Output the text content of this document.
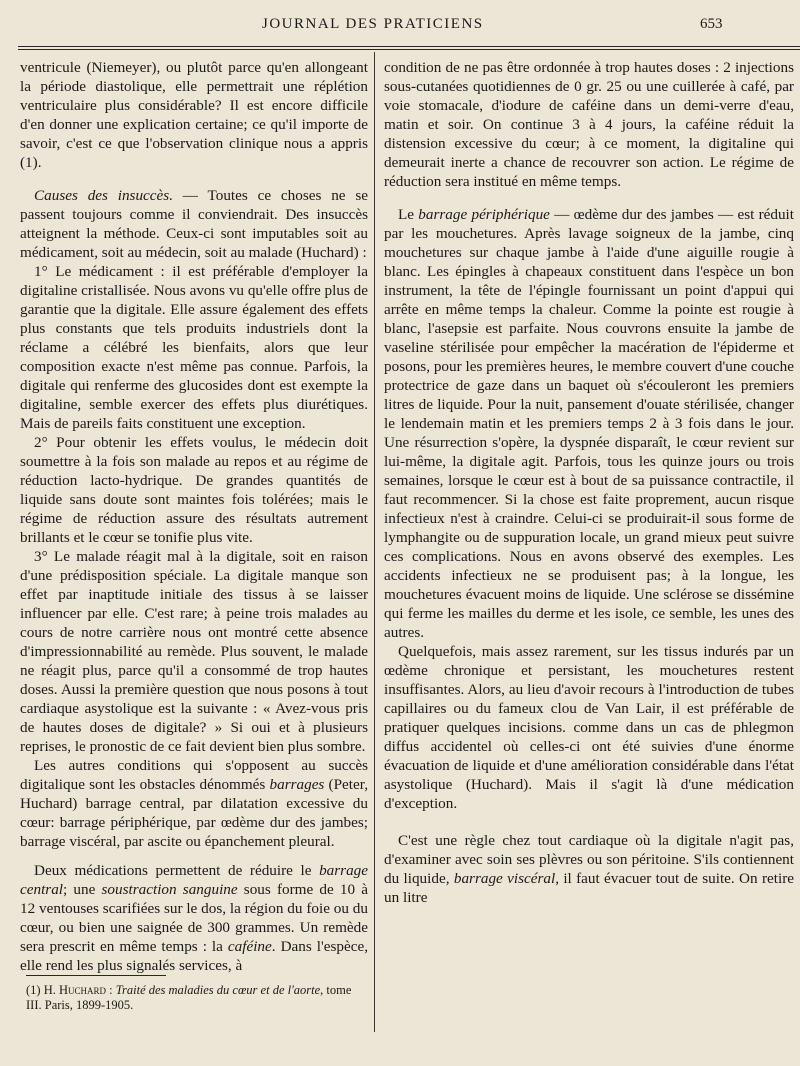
JOURNAL DES PRATICIENS	653

ventricule (Niemeyer), ou plutôt parce qu'en allongeant la période diastolique, elle permettrait une réplétion ventriculaire plus considérable? Il est encore difficile d'en donner une explication certaine; ce qu'il importe de savoir, c'est ce que l'observation clinique nous a appris (1).

Causes des insuccès. — Toutes ce choses ne se passent toujours comme il conviendrait. Des insuccès atteignent la méthode. Ceux-ci sont imputables soit au médicament, soit au médecin, soit au malade (Huchard) :

1° Le médicament : il est préférable d'employer la digitaline cristallisée. Nous avons vu qu'elle offre plus de garantie que la digitale. Elle assure également des effets plus constants que tels produits industriels dont la réclame a célébré les bienfaits, alors que leur composition exacte n'est même pas connue. Parfois, la digitale qui renferme des glucosides dont est exempte la digitaline, semble exercer des effets plus diurétiques. Mais de pareils faits constituent une exception.

2° Pour obtenir les effets voulus, le médecin doit soumettre à la fois son malade au repos et au régime de réduction lacto-hydrique. De grandes quantités de liquide sans doute sont maintes fois tolérées; mais le régime de réduction assure des résultats autrement brillants et le cœur se tonifie plus vite.

3° Le malade réagit mal à la digitale, soit en raison d'une prédisposition spéciale. La digitale manque son effet par inaptitude initiale des tissus à se laisser influencer par elle. C'est rare; à peine trois malades au cours de notre carrière nous ont montré cette absence d'impressionnabilité au remède. Plus souvent, le malade ne réagit plus, parce qu'il a consommé de trop hautes doses. Aussi la première question que nous posons à tout cardiaque asystolique est la suivante : « Avez-vous pris de hautes doses de digitale? » Si oui et à plusieurs reprises, le pronostic de ce fait devient bien plus sombre.

Les autres conditions qui s'opposent au succès digitalique sont les obstacles dénommés barrages (Peter, Huchard) barrage central, par dilatation excessive du cœur: barrage périphérique, par œdème dur des jambes; barrage viscéral, par ascite ou épanchement pleural.

Deux médications permettent de réduire le barrage central; une soustraction sanguine sous forme de 10 à 12 ventouses scarifiées sur le dos, la région du foie ou du cœur, ou bien une saignée de 300 grammes. Un remède sera prescrit en même temps : la caféine. Dans l'espèce, elle rend les plus signalés services, à

(1) H. Huchard : Traité des maladies du cœur et de l'aorte, tome III. Paris, 1899-1905.

condition de ne pas être ordonnée à trop hautes doses : 2 injections sous-cutanées quotidiennes de 0 gr. 25 ou une cuillerée à café, par voie stomacale, d'iodure de caféine dans un demi-verre d'eau, matin et soir. On continue 3 à 4 jours, la caféine réduit la distension excessive du cœur; à ce moment, la digitaline qui demeurait inerte a chance de recouvrer son action. Le régime de réduction sera institué en même temps.

Le barrage périphérique — œdème dur des jambes — est réduit par les mouchetures. Après lavage soigneux de la jambe, cinq mouchetures sur chaque jambe à l'aide d'une aiguille rougie à blanc. Les épingles à chapeaux constituent dans l'espèce un bon instrument, la tête de l'épingle fournissant un point d'appui qui arrête en même temps la chaleur. Comme la pointe est rougie à blanc, l'asepsie est parfaite. Nous couvrons ensuite la jambe de vaseline stérilisée pour empêcher la macération de l'épiderme et posons, pour les premières heures, le membre couvert d'une couche protectrice de gaze dans un baquet où s'écouleront les premiers litres de liquide. Pour la nuit, pansement d'ouate stérilisée, changer le lendemain matin et les premiers temps 2 à 3 fois dans le jour. Une résurrection s'opère, la dyspnée disparaît, le cœur revient sur lui-même, la digitale agit. Parfois, tous les quinze jours ou trois semaines, lorsque le cœur est à bout de sa puissance contractile, il faut recommencer. Si la chose est faite proprement, aucun risque infectieux n'est à craindre. Celui-ci se produirait-il sous forme de lymphangite ou de suppuration locale, un grand mieux peut suivre ces complications. Nous en avons observé des exemples. Les accidents infectieux ne se produisent pas; à la longue, les mouchetures évacuent moins de liquide. Une sclérose se dissémine qui ferme les mailles du derme et les isole, ce semble, les unes des autres.

Quelquefois, mais assez rarement, sur les tissus indurés par un œdème chronique et persistant, les mouchetures restent insuffisantes. Alors, au lieu d'avoir recours à l'introduction de tubes capillaires ou du fameux clou de Van Lair, il est préférable de pratiquer quelques incisions. comme dans un cas de phlegmon diffus accidentel où celles-ci ont été suivies d'une énorme évacuation de liquide et d'une amélioration considérable dans l'état asystolique (Huchard). Mais il s'agit là d'une médication d'exception.

C'est une règle chez tout cardiaque où la digitale n'agit pas, d'examiner avec soin ses plèvres ou son péritoine. S'ils contiennent du liquide, barrage viscéral, il faut évacuer tout de suite. On retire un litre
